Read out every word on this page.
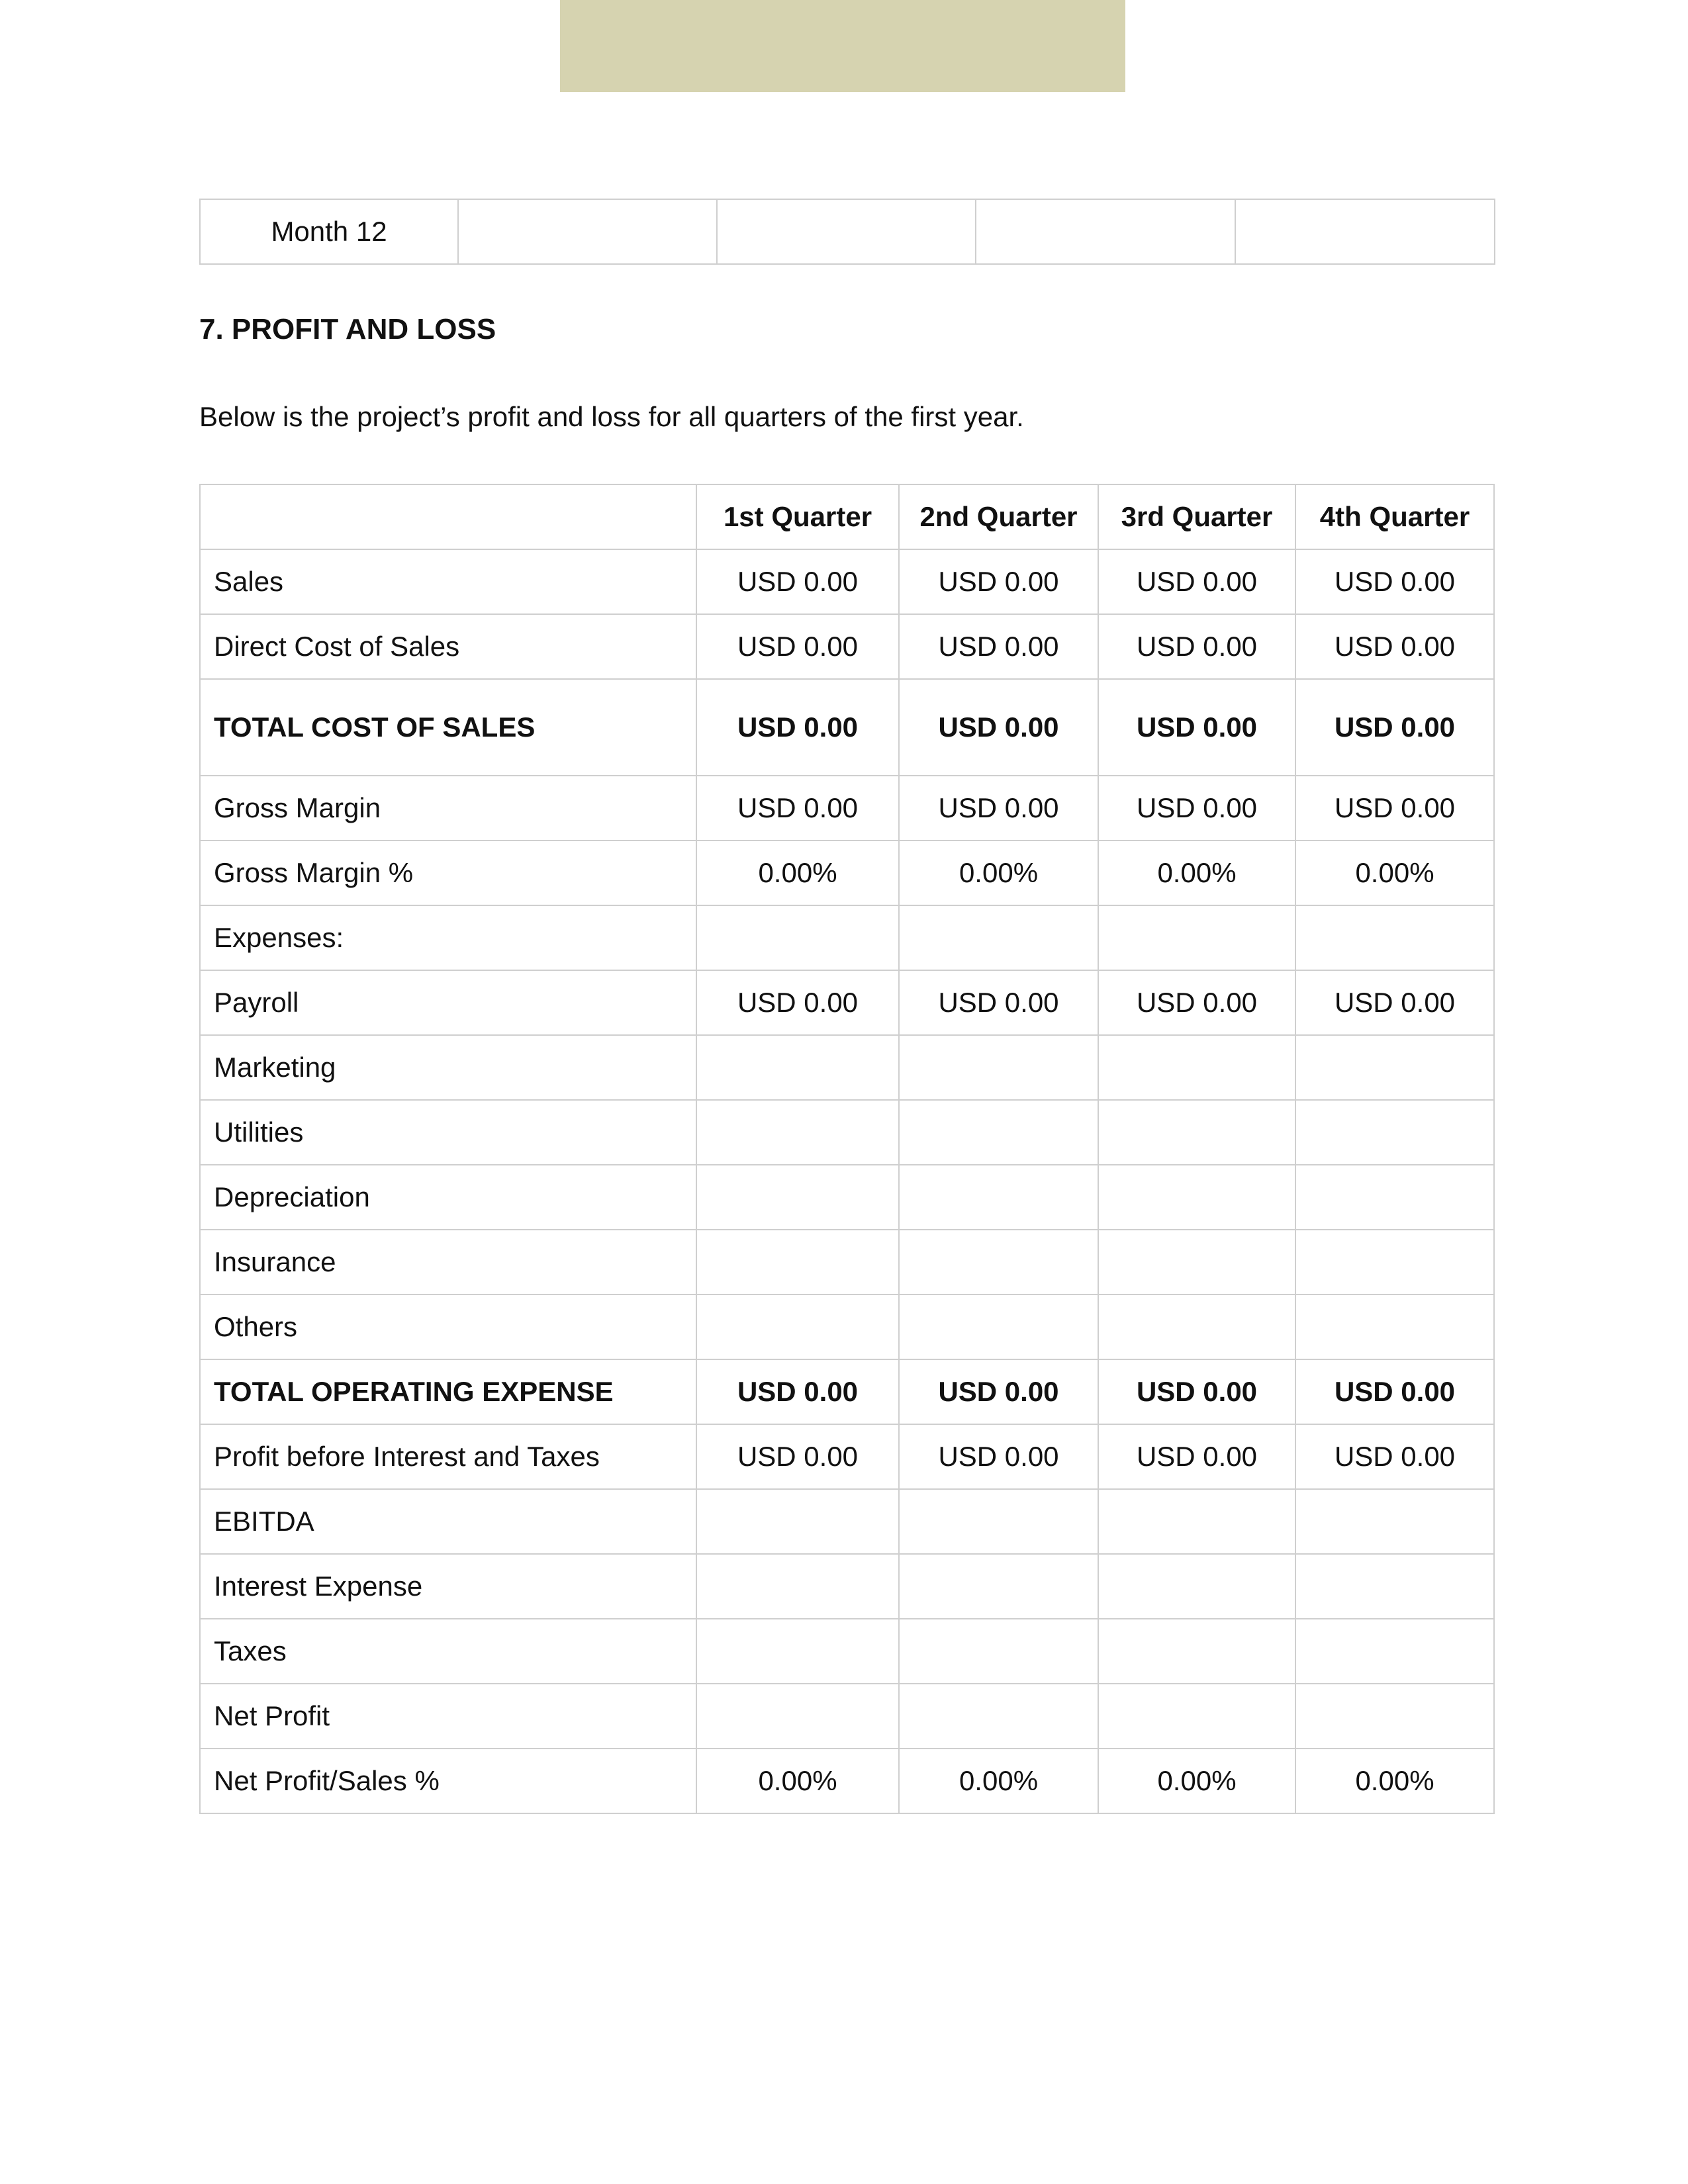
Month 12				
7. PROFIT AND LOSS

Below is the project’s profit and loss for all quarters of the first year.

	1st Quarter	2nd Quarter	3rd Quarter	4th Quarter
Sales	USD 0.00	USD 0.00	USD 0.00	USD 0.00
Direct Cost of Sales	USD 0.00	USD 0.00	USD 0.00	USD 0.00
TOTAL COST OF SALES	USD 0.00	USD 0.00	USD 0.00	USD 0.00
Gross Margin	USD 0.00	USD 0.00	USD 0.00	USD 0.00
Gross Margin %	0.00%	0.00%	0.00%	0.00%
Expenses:				
Payroll	USD 0.00	USD 0.00	USD 0.00	USD 0.00
Marketing				
Utilities				
Depreciation				
Insurance				
Others				
TOTAL OPERATING EXPENSE	USD 0.00	USD 0.00	USD 0.00	USD 0.00
Profit before Interest and Taxes	USD 0.00	USD 0.00	USD 0.00	USD 0.00
EBITDA				
Interest Expense				
Taxes				
Net Profit				
Net Profit/Sales %	0.00%	0.00%	0.00%	0.00%
